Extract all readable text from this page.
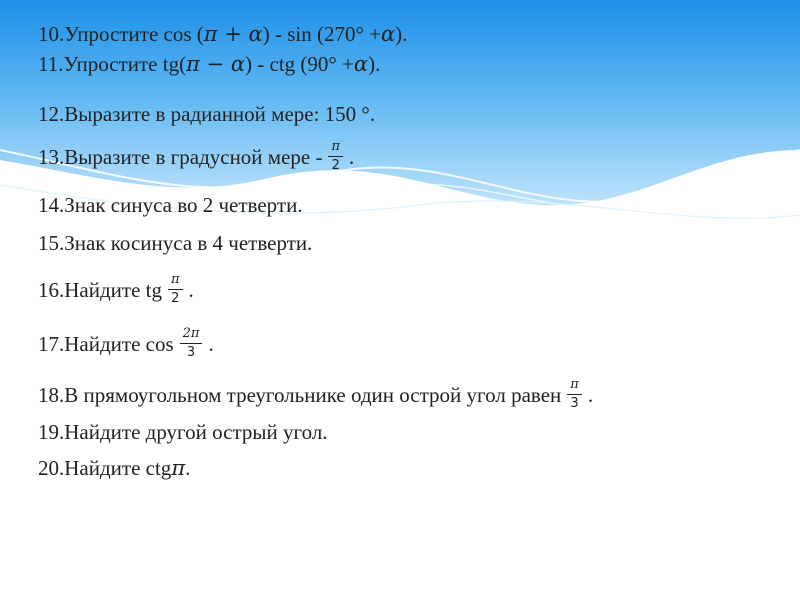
10.Упростите cos ( π + α ) - sin (270° + α ).
11.Упростите tg( π − α ) - ctg (90° + α ).
12.Выразите в радианной мере: 150 °.
13.Выразите в градусной мере - $\frac{\pi}{2}$ .
14.Знак синуса во 2 четверти.
15.Знак косинуса в 4 четверти.
16.Найдите tg $\frac{\pi}{2}$ .
17.Найдите $\cos \frac{2\pi}{3}$ .
18.В прямоугольном треугольнике один острой угол равен $\frac{\pi}{3}$ .
19.Найдите другой острый угол.
20.Найдите ctg π .
